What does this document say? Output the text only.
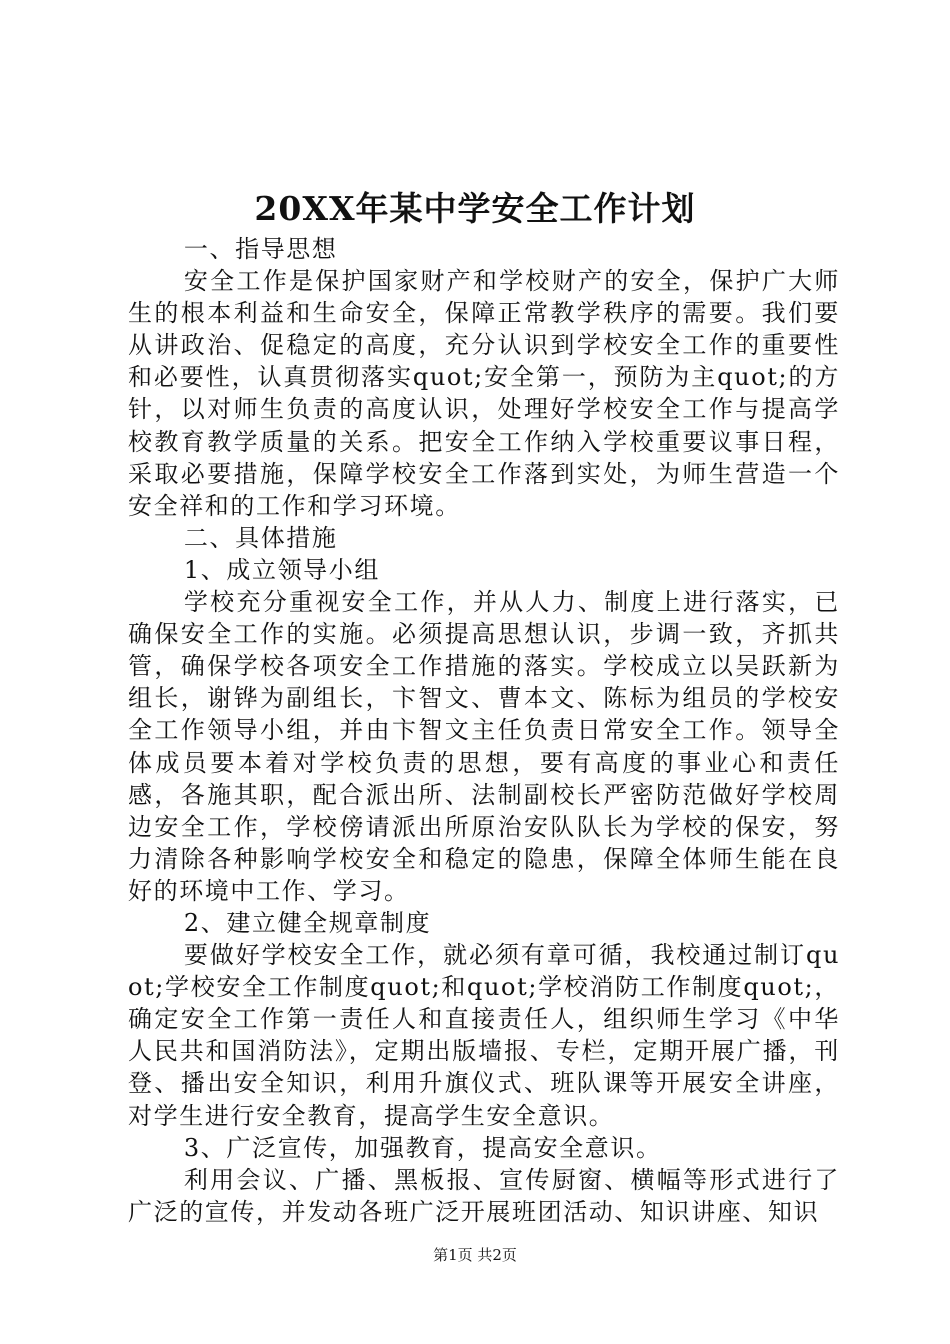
20XX年某中学安全工作计划

一、指导思想

安全工作是保护国家财产和学校财产的安全，保护广大师生的根本利益和生命安全，保障正常教学秩序的需要。我们要从讲政治、促稳定的高度，充分认识到学校安全工作的重要性和必要性，认真贯彻落实quot;安全第一，预防为主quot;的方针，以对师生负责的高度认识，处理好学校安全工作与提高学校教育教学质量的关系。把安全工作纳入学校重要议事日程，采取必要措施，保障学校安全工作落到实处，为师生营造一个安全祥和的工作和学习环境。

二、具体措施

1、成立领导小组

学校充分重视安全工作，并从人力、制度上进行落实，已确保安全工作的实施。必须提高思想认识，步调一致，齐抓共管，确保学校各项安全工作措施的落实。学校成立以吴跃新为组长，谢铧为副组长，卞智文、曹本文、陈标为组员的学校安全工作领导小组，并由卞智文主任负责日常安全工作。领导全体成员要本着对学校负责的思想，要有高度的事业心和责任感，各施其职，配合派出所、法制副校长严密防范做好学校周边安全工作，学校傍请派出所原治安队队长为学校的保安，努力清除各种影响学校安全和稳定的隐患，保障全体师生能在良好的环境中工作、学习。

2、建立健全规章制度

要做好学校安全工作，就必须有章可循，我校通过制订quot;学校安全工作制度quot;和quot;学校消防工作制度quot;，确定安全工作第一责任人和直接责任人，组织师生学习《中华人民共和国消防法》，定期出版墙报、专栏，定期开展广播，刊登、播出安全知识，利用升旗仪式、班队课等开展安全讲座，对学生进行安全教育，提高学生安全意识。

3、广泛宣传，加强教育，提高安全意识。

利用会议、广播、黑板报、宣传厨窗、横幅等形式进行了广泛的宣传，并发动各班广泛开展班团活动、知识讲座、知识

第1页 共2页
